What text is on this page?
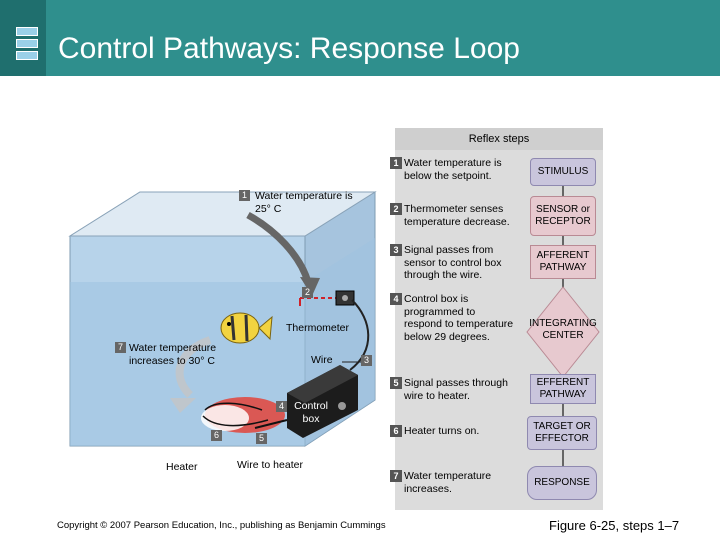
Control Pathways: Response Loop
1 Water temperature is 25° C
2
Thermometer
Wire	3
7 Water temperature increases to 30° C
4 Control box
6
Heater
5
Wire to heater
Reflex steps
1 Water temperature is below the setpoint.
2 Thermometer senses temperature decrease.
3 Signal passes from sensor to control box through the wire.
4 Control box is programmed to respond to temperature below 29 degrees.
5 Signal passes through wire to heater.
6 Heater turns on.
7 Water temperature increases.
STIMULUS
SENSOR or RECEPTOR
AFFERENT PATHWAY
INTEGRATING CENTER
EFFERENT PATHWAY
TARGET OR EFFECTOR
RESPONSE
Copyright © 2007 Pearson Education, Inc., publishing as Benjamin Cummings	Figure 6-25, steps 1–7
